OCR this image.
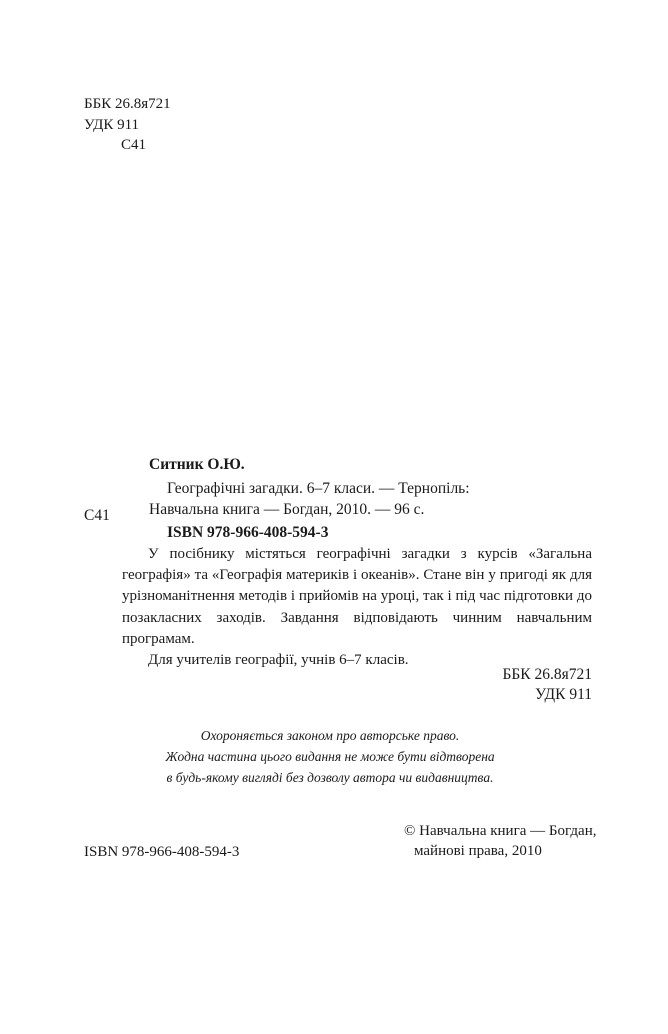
ББК 26.8я721
УДК 911
С41
Ситник О.Ю.
Географічні загадки. 6–7 класи. — Тернопіль:
С41	Навчальна книга — Богдан, 2010. — 96 с.
ISBN 978-966-408-594-3

У посібнику містяться географічні загадки з курсів «Загальна географія» та «Географія материків і океанів». Стане він у пригоді як для урізноманітнення методів і прийомів на уроці, так і під час підготовки до позакласних заходів. Завдання відповідають чинним навчальним програмам.

Для учителів географії, учнів 6–7 класів.

ББК 26.8я721
УДК 911
Охороняється законом про авторське право.
Жодна частина цього видання не може бути відтворена
в будь-якому вигляді без дозволу автора чи видавництва.
ISBN 978-966-408-594-3
© Навчальна книга — Богдан,
майнові права, 2010
